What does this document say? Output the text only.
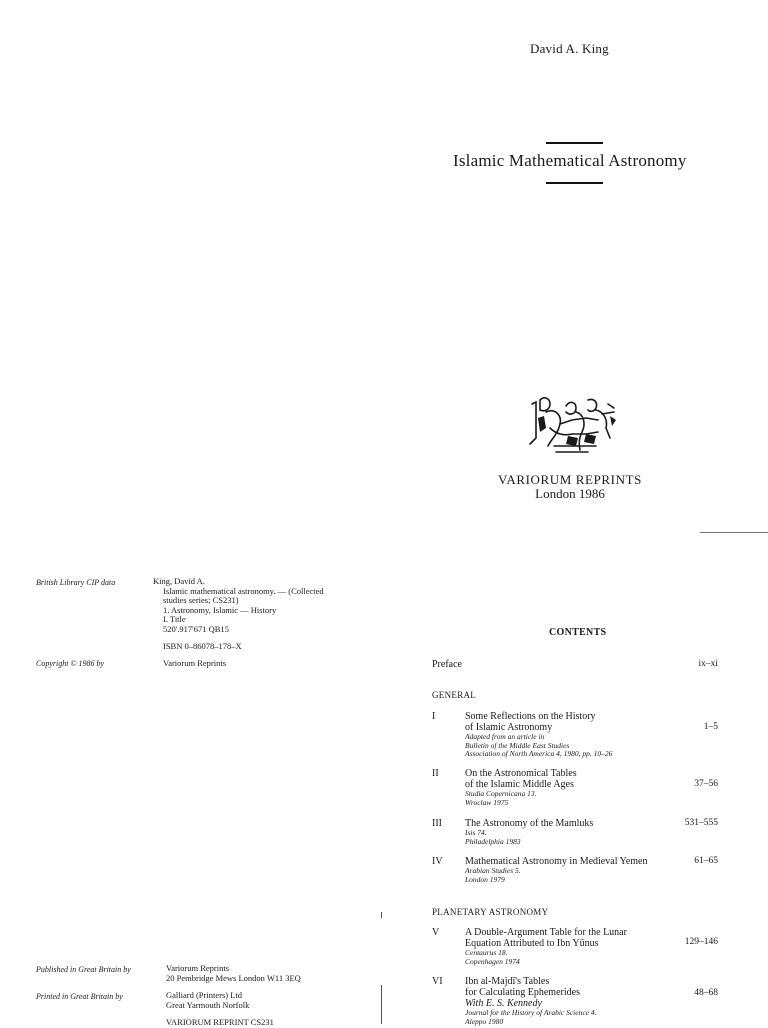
David A. King
Islamic Mathematical Astronomy
VARIORUM REPRINTS
London 1986
British Library CIP data	King, David A.
Islamic mathematical astronomy. — (Collected
studies series; CS231)
1. Astronomy, Islamic — History
I. Title
520'.917'671 QB15
ISBN 0–86078–178–X
Copyright © 1986 by	Variorum Reprints
Published in Great Britain by	Variorum Reprints
20 Pembridge Mews London W11 3EQ
Printed in Great Britain by	Galliard (Printers) Ltd
Great Yarmouth Norfolk
VARIORUM REPRINT CS231
CONTENTS
Preface	ix–xi
GENERAL
I	Some Reflections on the History
of Islamic Astronomy
Adapted from an article in
Bulletin of the Middle East Studies
Association of North America 4, 1980, pp. 10–26
1–5
II	On the Astronomical Tables
of the Islamic Middle Ages
Studia Copernicana 13.
Wroclaw 1975
37–56
III The Astronomy of the Mamluks
Isis 74.
Philadelphia 1983
531–555
IV Mathematical Astronomy in Medieval Yemen
Arabian Studies 5.
London 1979
61–65
PLANETARY ASTRONOMY
V	A Double-Argument Table for the Lunar
Equation Attributed to Ibn Yūnus
Centaurus 18.
Copenhagen 1974
129–146
VI Ibn al-Majdī's Tables
for Calculating Ephemerides
With E. S. Kennedy
Journal for the History of Arabic Science 4.
Aleppo 1980
48–68
